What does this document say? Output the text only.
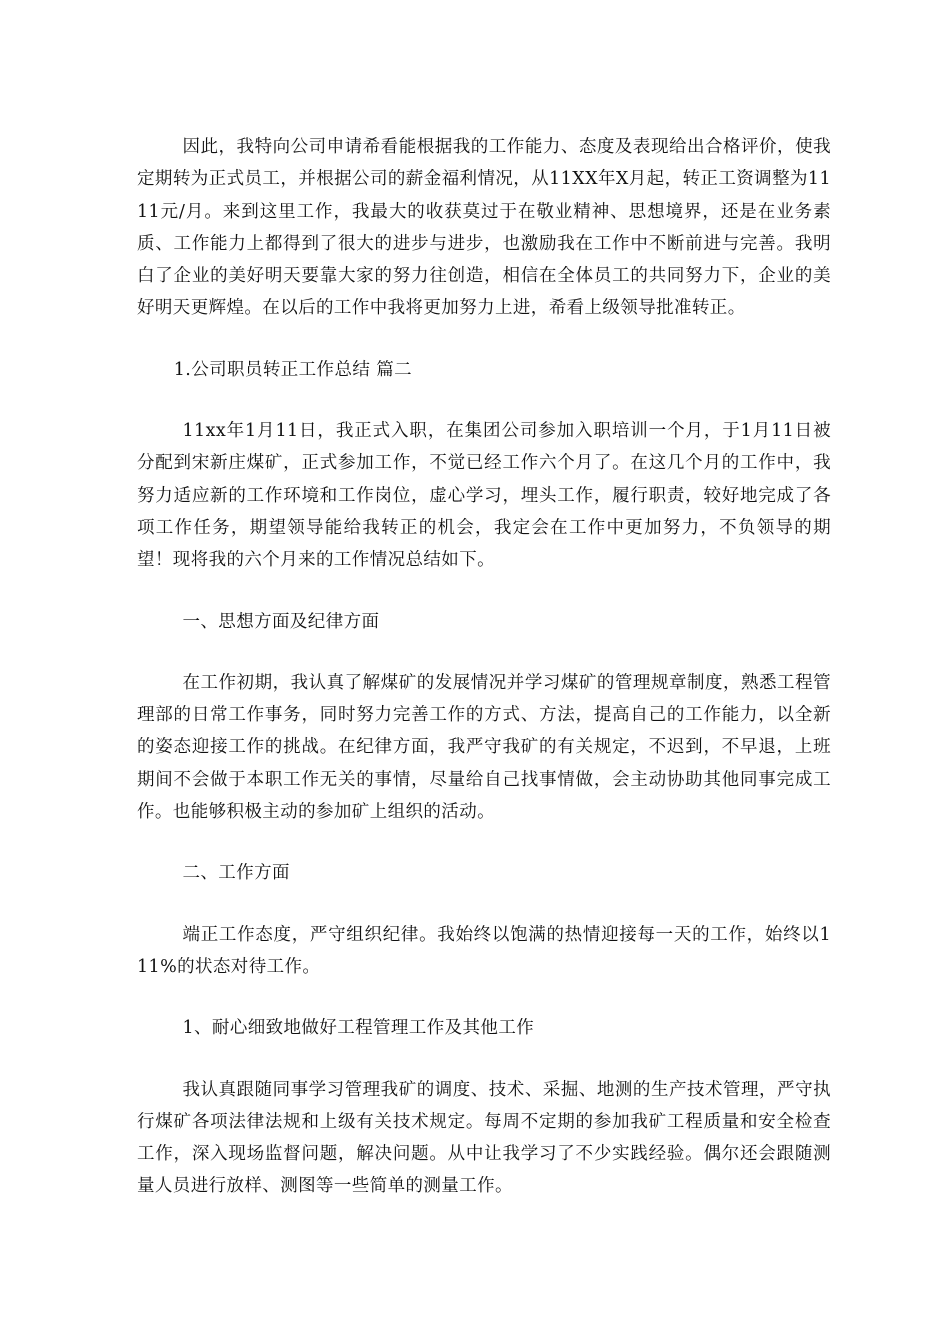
因此，我特向公司申请希看能根据我的工作能力、态度及表现给出合格评价，使我定期转为正式员工，并根据公司的薪金福利情况，从11XX年X月起，转正工资调整为1111元/月。来到这里工作，我最大的收获莫过于在敬业精神、思想境界，还是在业务素质、工作能力上都得到了很大的进步与进步，也激励我在工作中不断前进与完善。我明白了企业的美好明天要靠大家的努力往创造，相信在全体员工的共同努力下，企业的美好明天更辉煌。在以后的工作中我将更加努力上进，希看上级领导批准转正。

1.公司职员转正工作总结 篇二

11xx年1月11日，我正式入职，在集团公司参加入职培训一个月，于1月11日被分配到宋新庄煤矿，正式参加工作，不觉已经工作六个月了。在这几个月的工作中，我努力适应新的工作环境和工作岗位，虚心学习，埋头工作，履行职责，较好地完成了各项工作任务，期望领导能给我转正的机会，我定会在工作中更加努力，不负领导的期望！现将我的六个月来的工作情况总结如下。

一、思想方面及纪律方面

在工作初期，我认真了解煤矿的发展情况并学习煤矿的管理规章制度，熟悉工程管理部的日常工作事务，同时努力完善工作的方式、方法，提高自己的工作能力，以全新的姿态迎接工作的挑战。在纪律方面，我严守我矿的有关规定，不迟到，不早退，上班期间不会做于本职工作无关的事情，尽量给自己找事情做，会主动协助其他同事完成工作。也能够积极主动的参加矿上组织的活动。

二、工作方面

端正工作态度，严守组织纪律。我始终以饱满的热情迎接每一天的工作，始终以111%的状态对待工作。

1、耐心细致地做好工程管理工作及其他工作

我认真跟随同事学习管理我矿的调度、技术、采掘、地测的生产技术管理，严守执行煤矿各项法律法规和上级有关技术规定。每周不定期的参加我矿工程质量和安全检查工作，深入现场监督问题，解决问题。从中让我学习了不少实践经验。偶尔还会跟随测量人员进行放样、测图等一些简单的测量工作。
